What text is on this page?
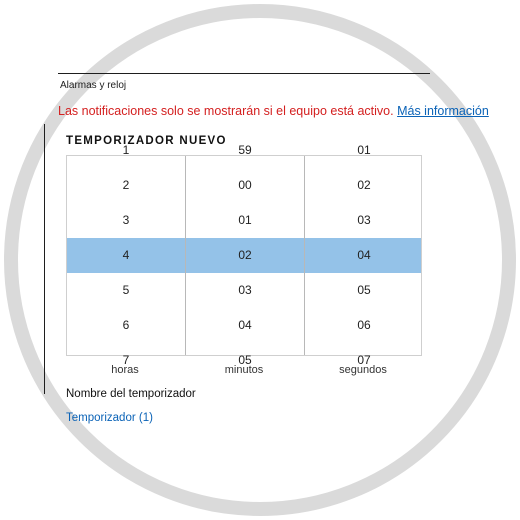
Alarmas y reloj
Las notificaciones solo se mostrarán si el equipo está activo. Más información
TEMPORIZADOR NUEVO
1
2
3
4
5
6
7
59
00
01
02
03
04
05
01
02
03
04
05
06
07
horas	minutos	segundos
Nombre del temporizador
Temporizador (1)
